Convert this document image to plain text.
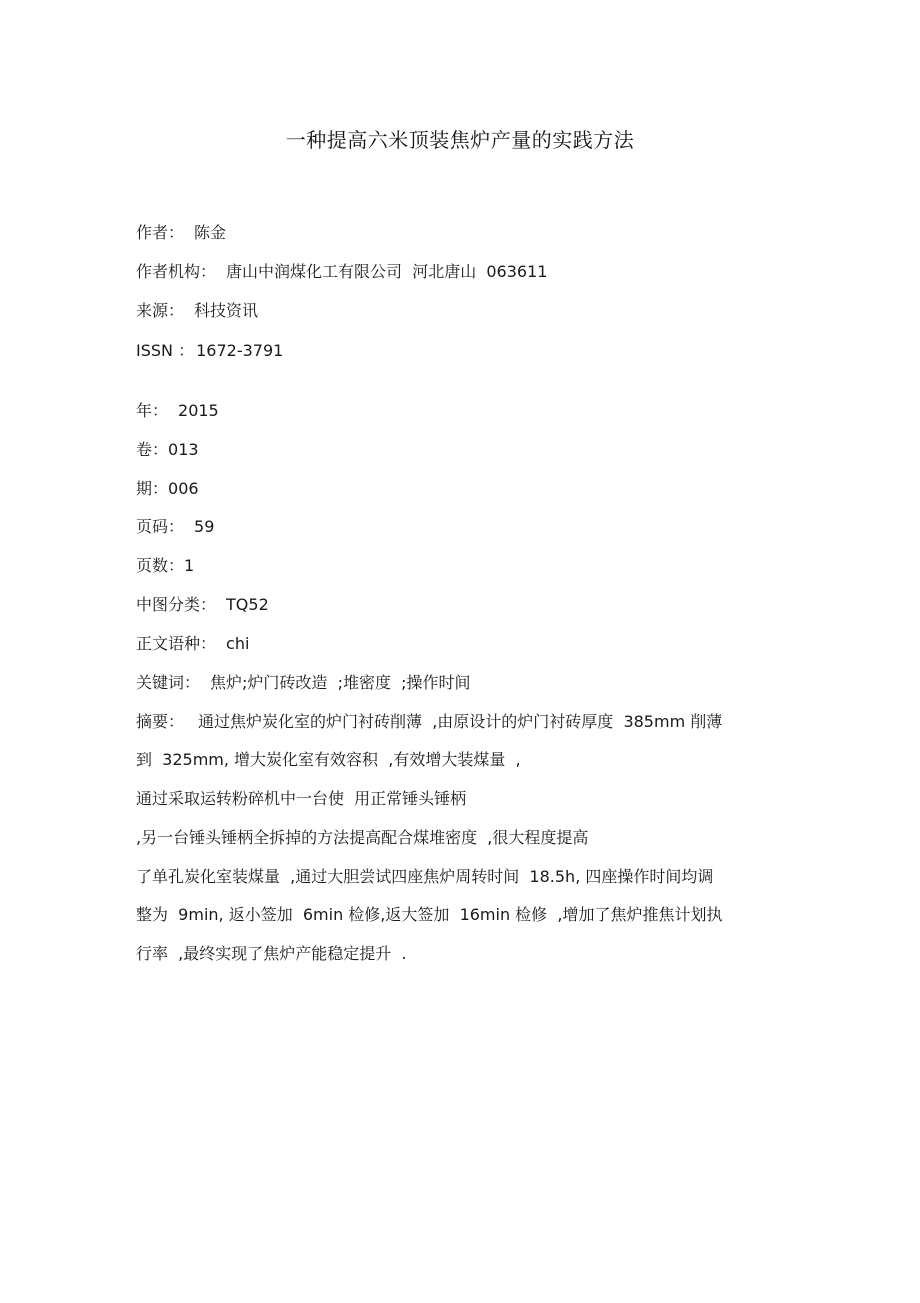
一种提高六米顶装焦炉产量的实践方法
作者： 陈金
作者机构： 唐山中润煤化工有限公司  河北唐山  063611
来源： 科技资讯
ISSN ： 1672-3791
年： 2015
卷：013
期：006
页码： 59
页数：1
中图分类： TQ52
正文语种： chi
关键词： 焦炉;炉门砖改造  ;堆密度  ;操作时间
摘要： 通过焦炉炭化室的炉门衬砖削薄  ,由原设计的炉门衬砖厚度  385mm 削薄
到  325mm, 增大炭化室有效容积  ,有效增大装煤量  ,
通过采取运转粉碎机中一台使  用正常锤头锤柄
,另一台锤头锤柄全拆掉的方法提高配合煤堆密度  ,很大程度提高
了单孔炭化室装煤量  ,通过大胆尝试四座焦炉周转时间  18.5h, 四座操作时间均调
整为  9min, 返小签加  6min 检修,返大签加  16min 检修  ,增加了焦炉推焦计划执
行率  ,最终实现了焦炉产能稳定提升  .
